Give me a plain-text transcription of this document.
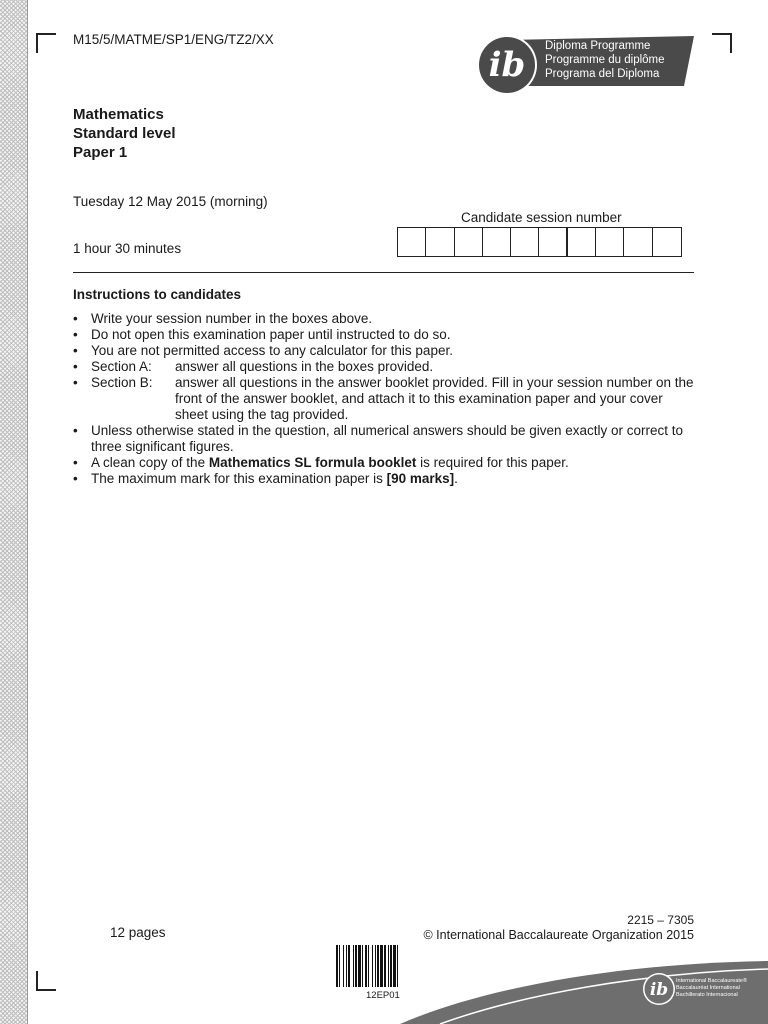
M15/5/MATME/SP1/ENG/TZ2/XX
ib Diploma Programme
Programme du diplôme
Programa del Diploma
Mathematics
Standard level
Paper 1
Tuesday 12 May 2015 (morning)
Candidate session number
1 hour 30 minutes
Instructions to candidates
• Write your session number in the boxes above.
• Do not open this examination paper until instructed to do so.
• You are not permitted access to any calculator for this paper.
• Section A:	answer all questions in the boxes provided.
• Section B:	answer all questions in the answer booklet provided. Fill in your session number on the front of the answer booklet, and attach it to this examination paper and your cover sheet using the tag provided.
• Unless otherwise stated in the question, all numerical answers should be given exactly or correct to three significant figures.
• A clean copy of the Mathematics SL formula booklet is required for this paper.
• The maximum mark for this examination paper is [90 marks].
2215 – 7305
12 pages	© International Baccalaureate Organization 2015
12EP01	ib International Baccalaureate®
Baccalauréat International
Bachillerato Internacional
